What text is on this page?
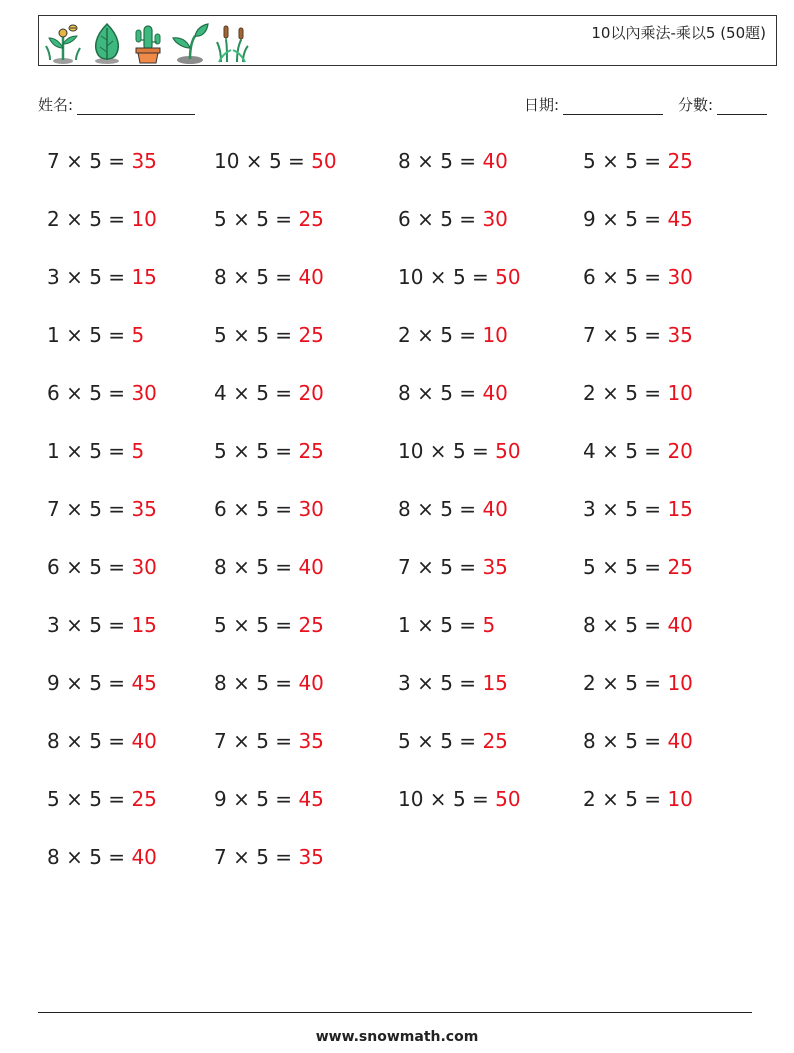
10以內乘法-乘以5 (50題)
姓名:	日期:	分數:
7 × 5 = 35
2 × 5 = 10
3 × 5 = 15
1 × 5 = 5
6 × 5 = 30
1 × 5 = 5
7 × 5 = 35
6 × 5 = 30
3 × 5 = 15
9 × 5 = 45
8 × 5 = 40
5 × 5 = 25
8 × 5 = 40
10 × 5 = 50
5 × 5 = 25
8 × 5 = 40
5 × 5 = 25
4 × 5 = 20
5 × 5 = 25
6 × 5 = 30
8 × 5 = 40
5 × 5 = 25
8 × 5 = 40
7 × 5 = 35
9 × 5 = 45
7 × 5 = 35
8 × 5 = 40
6 × 5 = 30
10 × 5 = 50
2 × 5 = 10
8 × 5 = 40
10 × 5 = 50
8 × 5 = 40
7 × 5 = 35
1 × 5 = 5
3 × 5 = 15
5 × 5 = 25
10 × 5 = 50
5 × 5 = 25
9 × 5 = 45
6 × 5 = 30
7 × 5 = 35
2 × 5 = 10
4 × 5 = 20
3 × 5 = 15
5 × 5 = 25
8 × 5 = 40
2 × 5 = 10
8 × 5 = 40
2 × 5 = 10
www.snowmath.com
